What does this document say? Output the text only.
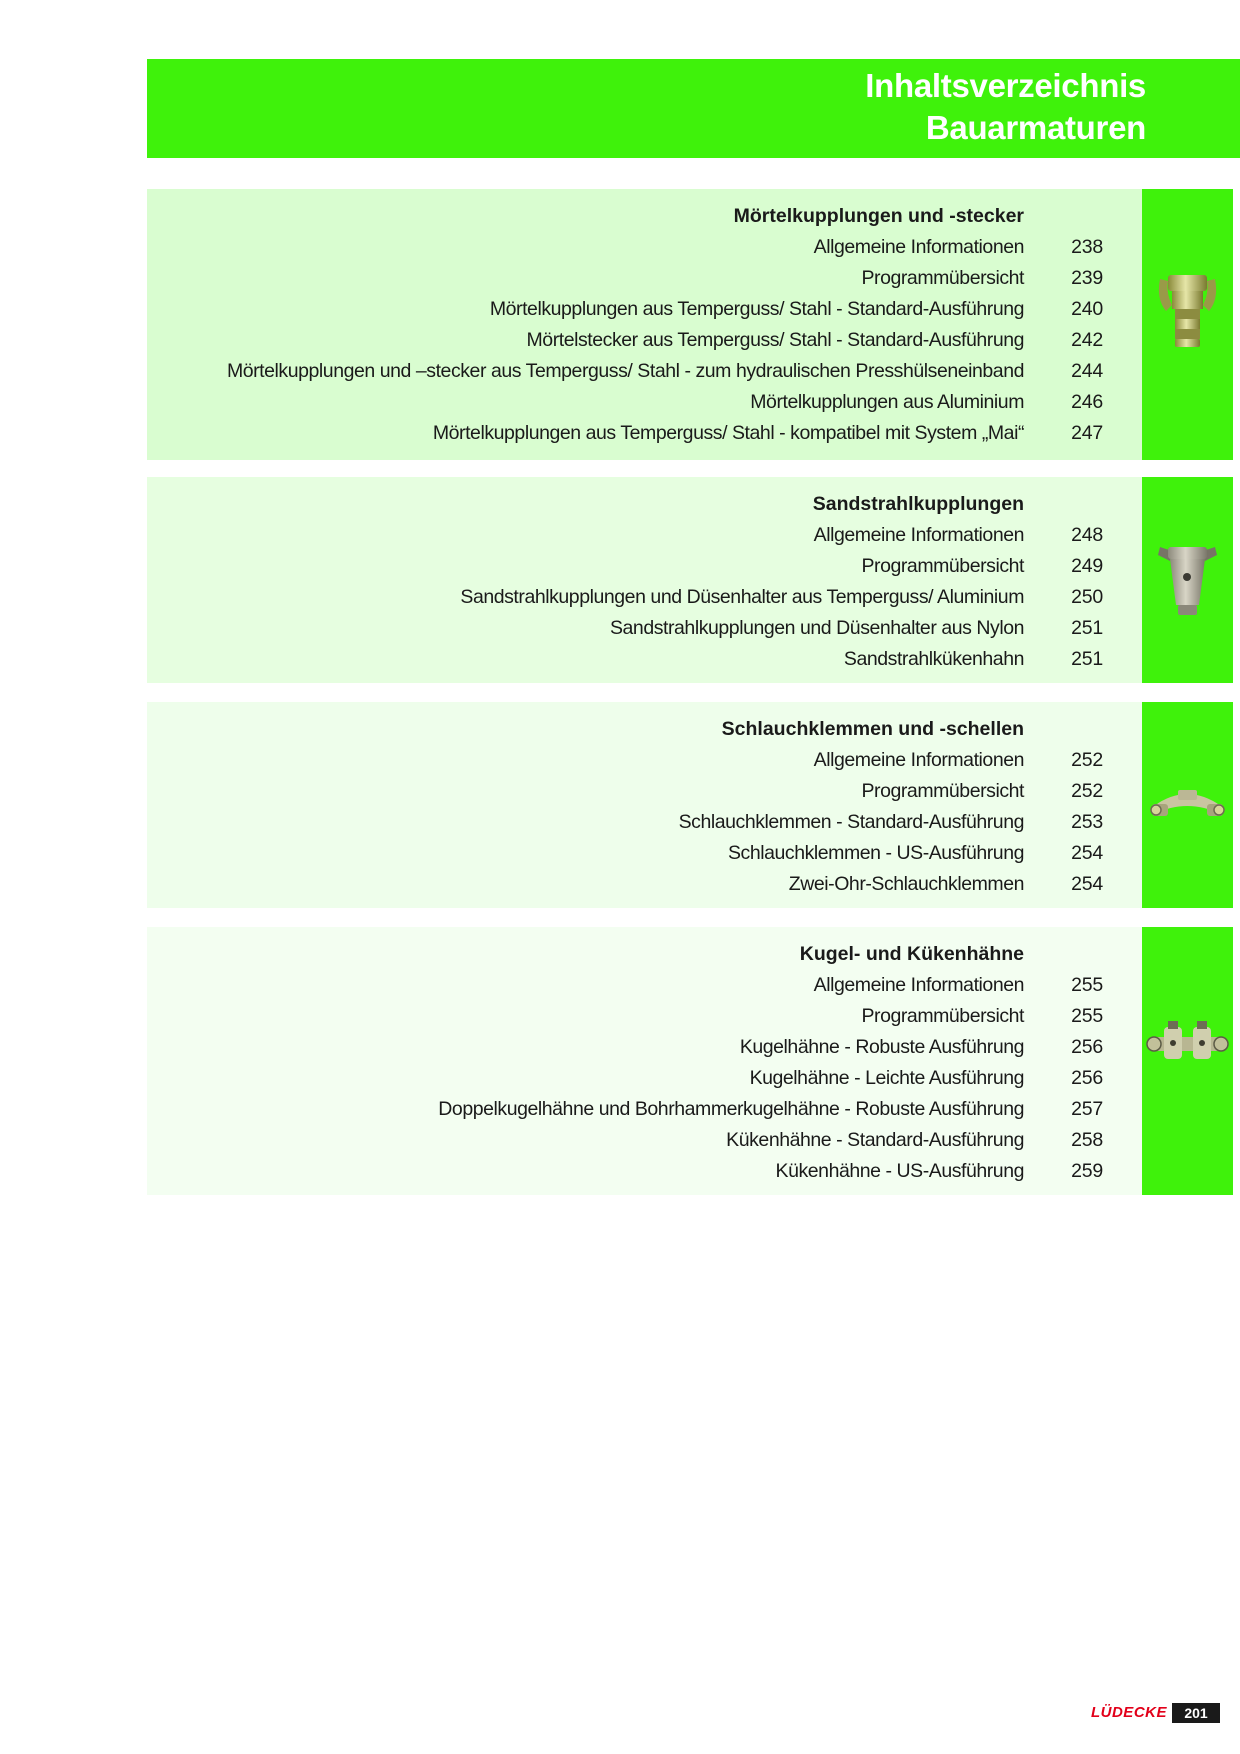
Inhaltsverzeichnis
Bauarmaturen
Mörtelkupplungen und -stecker
Allgemeine Informationen	238
Programmübersicht	239
Mörtelkupplungen aus Temperguss/ Stahl - Standard-Ausführung	240
Mörtelstecker aus Temperguss/ Stahl - Standard-Ausführung	242
Mörtelkupplungen und –stecker aus Temperguss/ Stahl - zum hydraulischen Presshülseneinband	244
Mörtelkupplungen aus Aluminium	246
Mörtelkupplungen aus Temperguss/ Stahl - kompatibel mit System „Mai“	247
Sandstrahlkupplungen
Allgemeine Informationen	248
Programmübersicht	249
Sandstrahlkupplungen und Düsenhalter aus Temperguss/ Aluminium	250
Sandstrahlkupplungen und Düsenhalter aus Nylon	251
Sandstrahlkükenhahn	251
Schlauchklemmen und -schellen
Allgemeine Informationen	252
Programmübersicht	252
Schlauchklemmen - Standard-Ausführung	253
Schlauchklemmen - US-Ausführung	254
Zwei-Ohr-Schlauchklemmen	254
Kugel- und Kükenhähne
Allgemeine Informationen	255
Programmübersicht	255
Kugelhähne - Robuste Ausführung	256
Kugelhähne - Leichte Ausführung	256
Doppelkugelhähne und Bohrhammerkugelhähne - Robuste Ausführung	257
Kükenhähne - Standard-Ausführung	258
Kükenhähne - US-Ausführung	259
LÜDECKE	201
